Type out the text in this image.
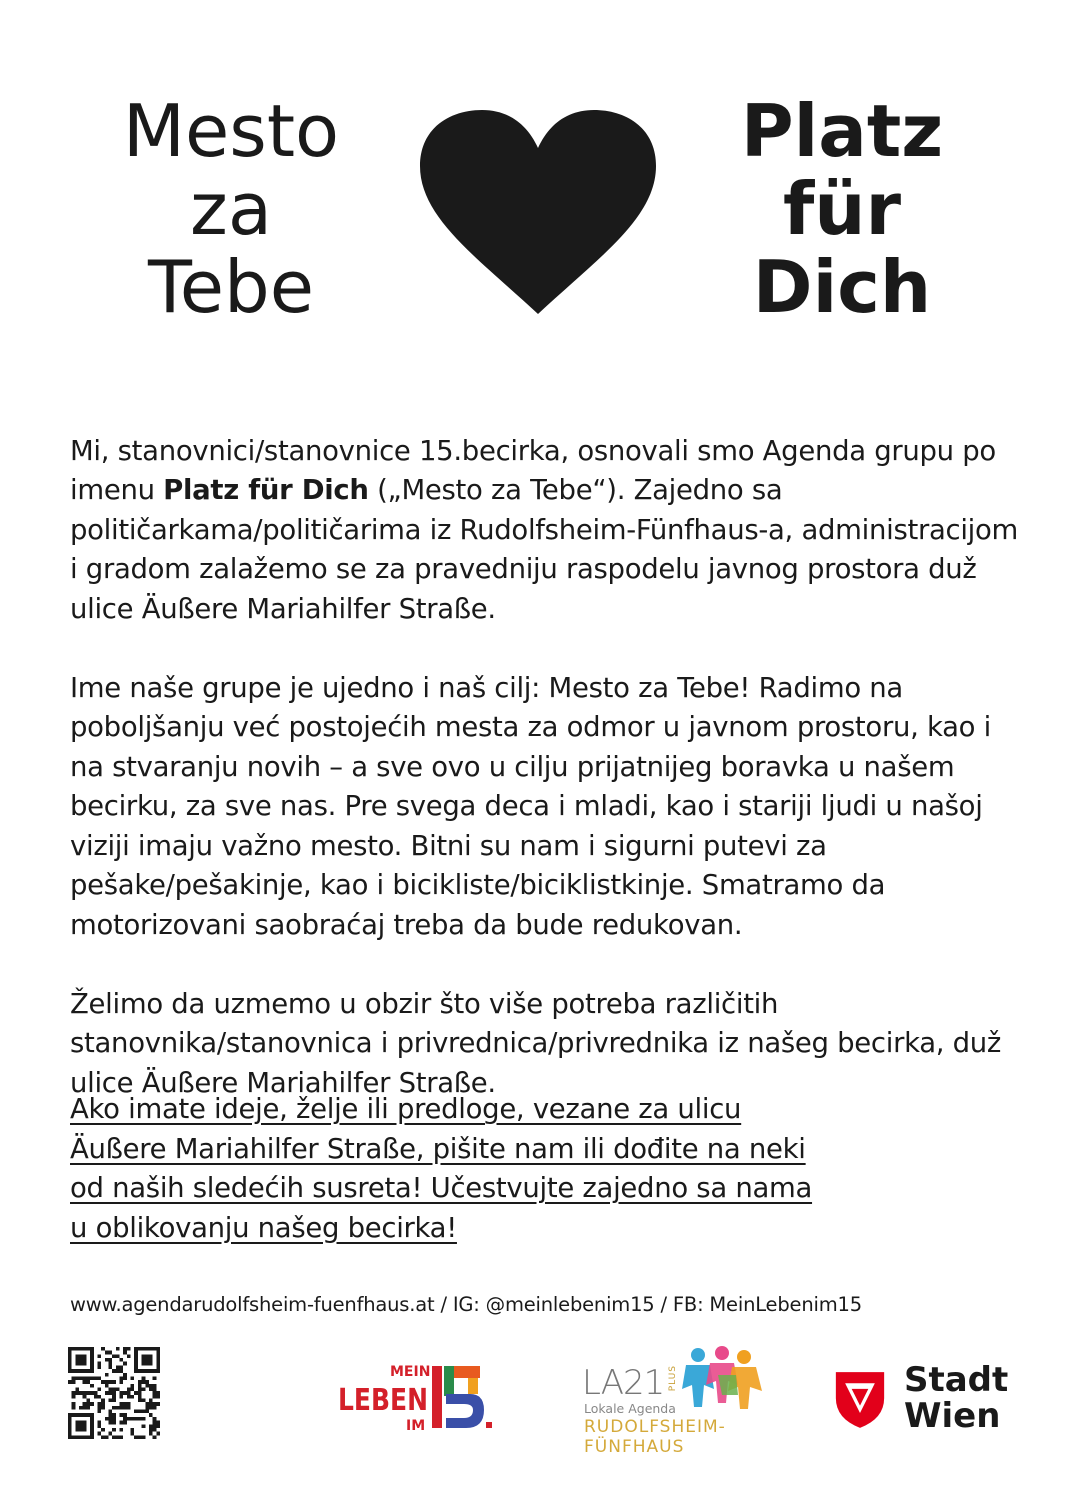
Mesto
za
Tebe
Platz
für
Dich

Mi, stanovnici/stanovnice 15.becirka, osnovali smo Agenda grupu po imenu Platz für Dich („Mesto za Tebe“). Zajedno sa političarkama/političarima iz Rudolfsheim-Fünfhaus-a, administracijom i gradom zalažemo se za pravedniju raspodelu javnog prostora duž ulice Äußere Mariahilfer Straße.

Ime naše grupe je ujedno i naš cilj: Mesto za Tebe! Radimo na poboljšanju već postojećih mesta za odmor u javnom prostoru, kao i na stvaranju novih – a sve ovo u cilju prijatnijeg boravka u našem becirku, za sve nas. Pre svega deca i mladi, kao i stariji ljudi u našoj viziji imaju važno mesto. Bitni su nam i sigurni putevi za pešake/pešakinje, kao i bicikliste/biciklistkinje. Smatramo da motorizovani saobraćaj treba da bude redukovan.

Želimo da uzmemo u obzir što više potreba različitih stanovnika/stanovnica i privrednica/privrednika iz našeg becirka, duž ulice Äußere Mariahilfer Straße.

Ako imate ideje, želje ili predloge, vezane za ulicu
Äußere Mariahilfer Straße, pišite nam ili dođite na neki
od naših sledećih susreta! Učestvujte zajedno sa nama
u oblikovanju našeg becirka!
www.agendarudolfsheim-fuenfhaus.at / IG: @meinlebenim15 / FB: MeinLebenim15
MEIN
LEBEN
IM
LA21 PLUS
Lokale Agenda
RUDOLFSHEIM-
FÜNFHAUS
Stadt
Wien
